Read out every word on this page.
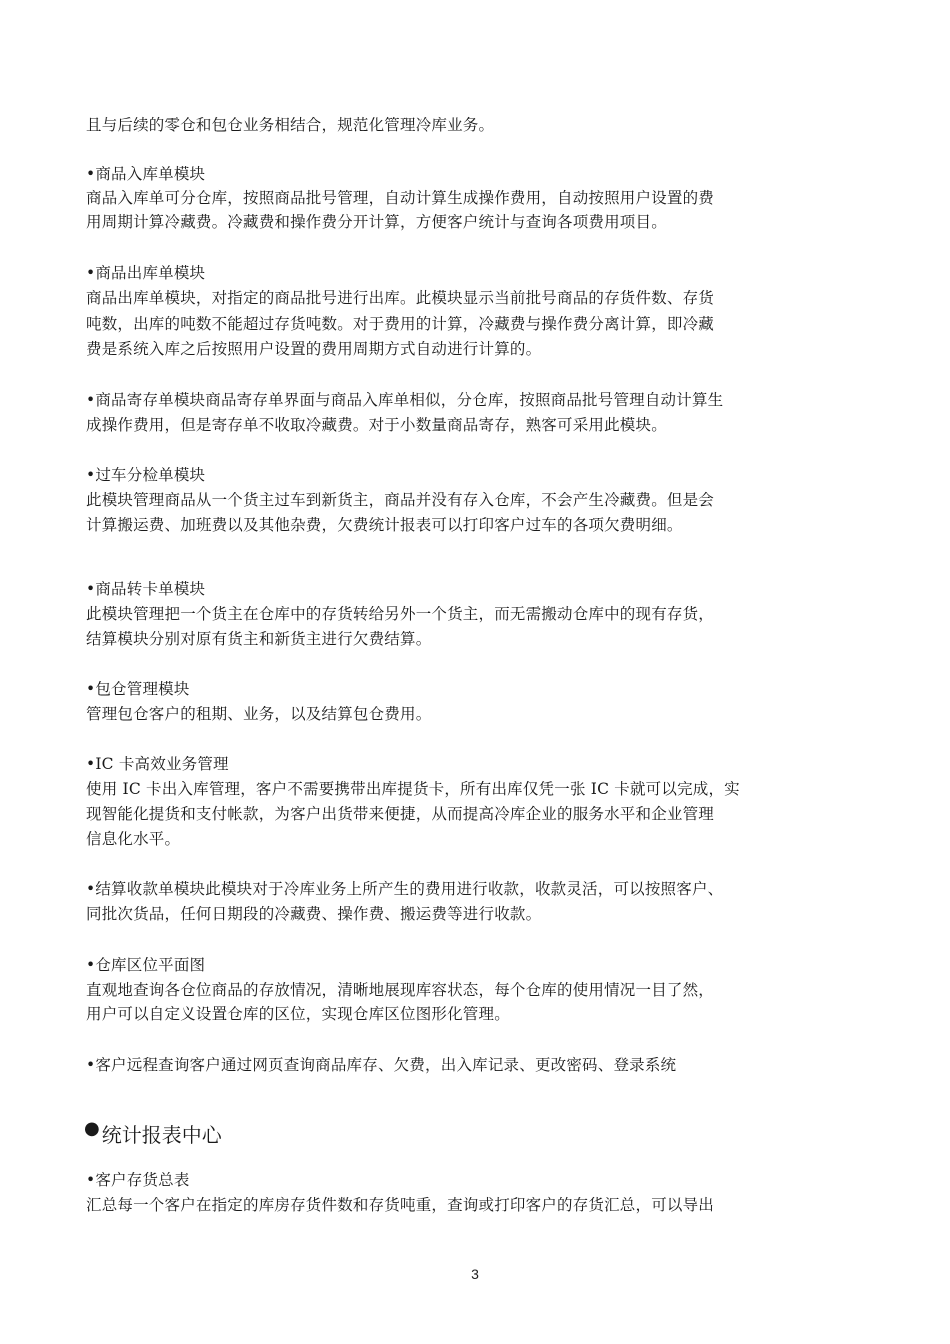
且与后续的零仓和包仓业务相结合，规范化管理冷库业务。
•商品入库单模块
商品入库单可分仓库，按照商品批号管理，自动计算生成操作费用，自动按照用户设置的费
用周期计算冷藏费。冷藏费和操作费分开计算，方便客户统计与查询各项费用项目。
•商品出库单模块
商品出库单模块，对指定的商品批号进行出库。此模块显示当前批号商品的存货件数、存货
吨数，出库的吨数不能超过存货吨数。对于费用的计算，冷藏费与操作费分离计算，即冷藏
费是系统入库之后按照用户设置的费用周期方式自动进行计算的。
•商品寄存单模块商品寄存单界面与商品入库单相似，分仓库，按照商品批号管理自动计算生
成操作费用，但是寄存单不收取冷藏费。对于小数量商品寄存，熟客可采用此模块。
•过车分检单模块
此模块管理商品从一个货主过车到新货主，商品并没有存入仓库，不会产生冷藏费。但是会
计算搬运费、加班费以及其他杂费，欠费统计报表可以打印客户过车的各项欠费明细。
•商品转卡单模块
此模块管理把一个货主在仓库中的存货转给另外一个货主，而无需搬动仓库中的现有存货，
结算模块分别对原有货主和新货主进行欠费结算。
•包仓管理模块
管理包仓客户的租期、业务，以及结算包仓费用。
•IC 卡高效业务管理
使用 IC 卡出入库管理，客户不需要携带出库提货卡，所有出库仅凭一张 IC 卡就可以完成，实
现智能化提货和支付帐款，为客户出货带来便捷，从而提高冷库企业的服务水平和企业管理
信息化水平。
•结算收款单模块此模块对于冷库业务上所产生的费用进行收款，收款灵活，可以按照客户、
同批次货品，任何日期段的冷藏费、操作费、搬运费等进行收款。
•仓库区位平面图
直观地查询各仓位商品的存放情况，清晰地展现库容状态，每个仓库的使用情况一目了然，
用户可以自定义设置仓库的区位，实现仓库区位图形化管理。
•客户远程查询客户通过网页查询商品库存、欠费，出入库记录、更改密码、登录系统
● 统计报表中心
•客户存货总表
汇总每一个客户在指定的库房存货件数和存货吨重，查询或打印客户的存货汇总，可以导出
3
